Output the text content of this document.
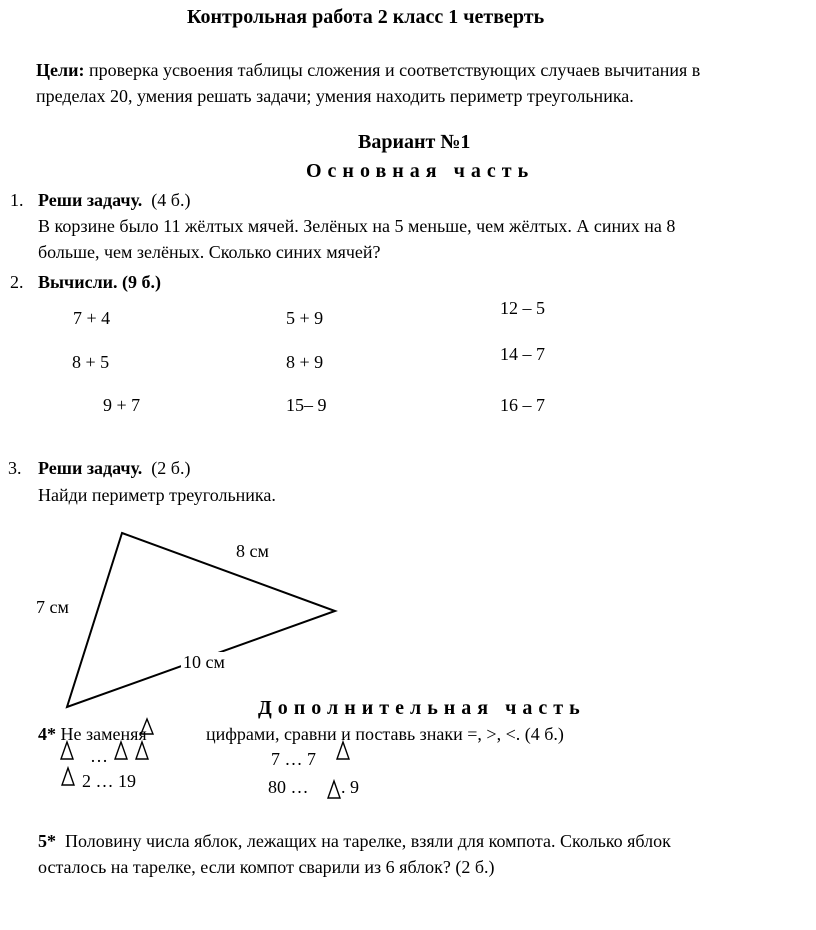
Контрольная работа 2 класс 1 четверть
Цели: проверка усвоения таблицы сложения и соответствующих случаев вычитания в
пределах 20, умения решать задачи; умения находить периметр треугольника.
Вариант №1
Основная часть
1. Реши задачу. (4 б.)
В корзине было 11 жёлтых мячей. Зелёных на 5 меньше, чем жёлтых. А синих на 8
больше, чем зелёных. Сколько синих мячей?
2. Вычисли. (9 б.)
7 + 4	5 + 9	12 – 5
8 + 5	8 + 9	14 – 7
9 + 7	15– 9	16 – 7
3. Реши задачу. (2 б.)
Найди периметр треугольника.
8 см
7 см
10 см
Дополнительная часть
4* Не заменяя	цифрами, сравни и поставь знаки =, >, <. (4 б.)
…
2 … 19
7 … 7
80 … . 9
5* Половину числа яблок, лежащих на тарелке, взяли для компота. Сколько яблок
осталось на тарелке, если компот сварили из 6 яблок? (2 б.)
